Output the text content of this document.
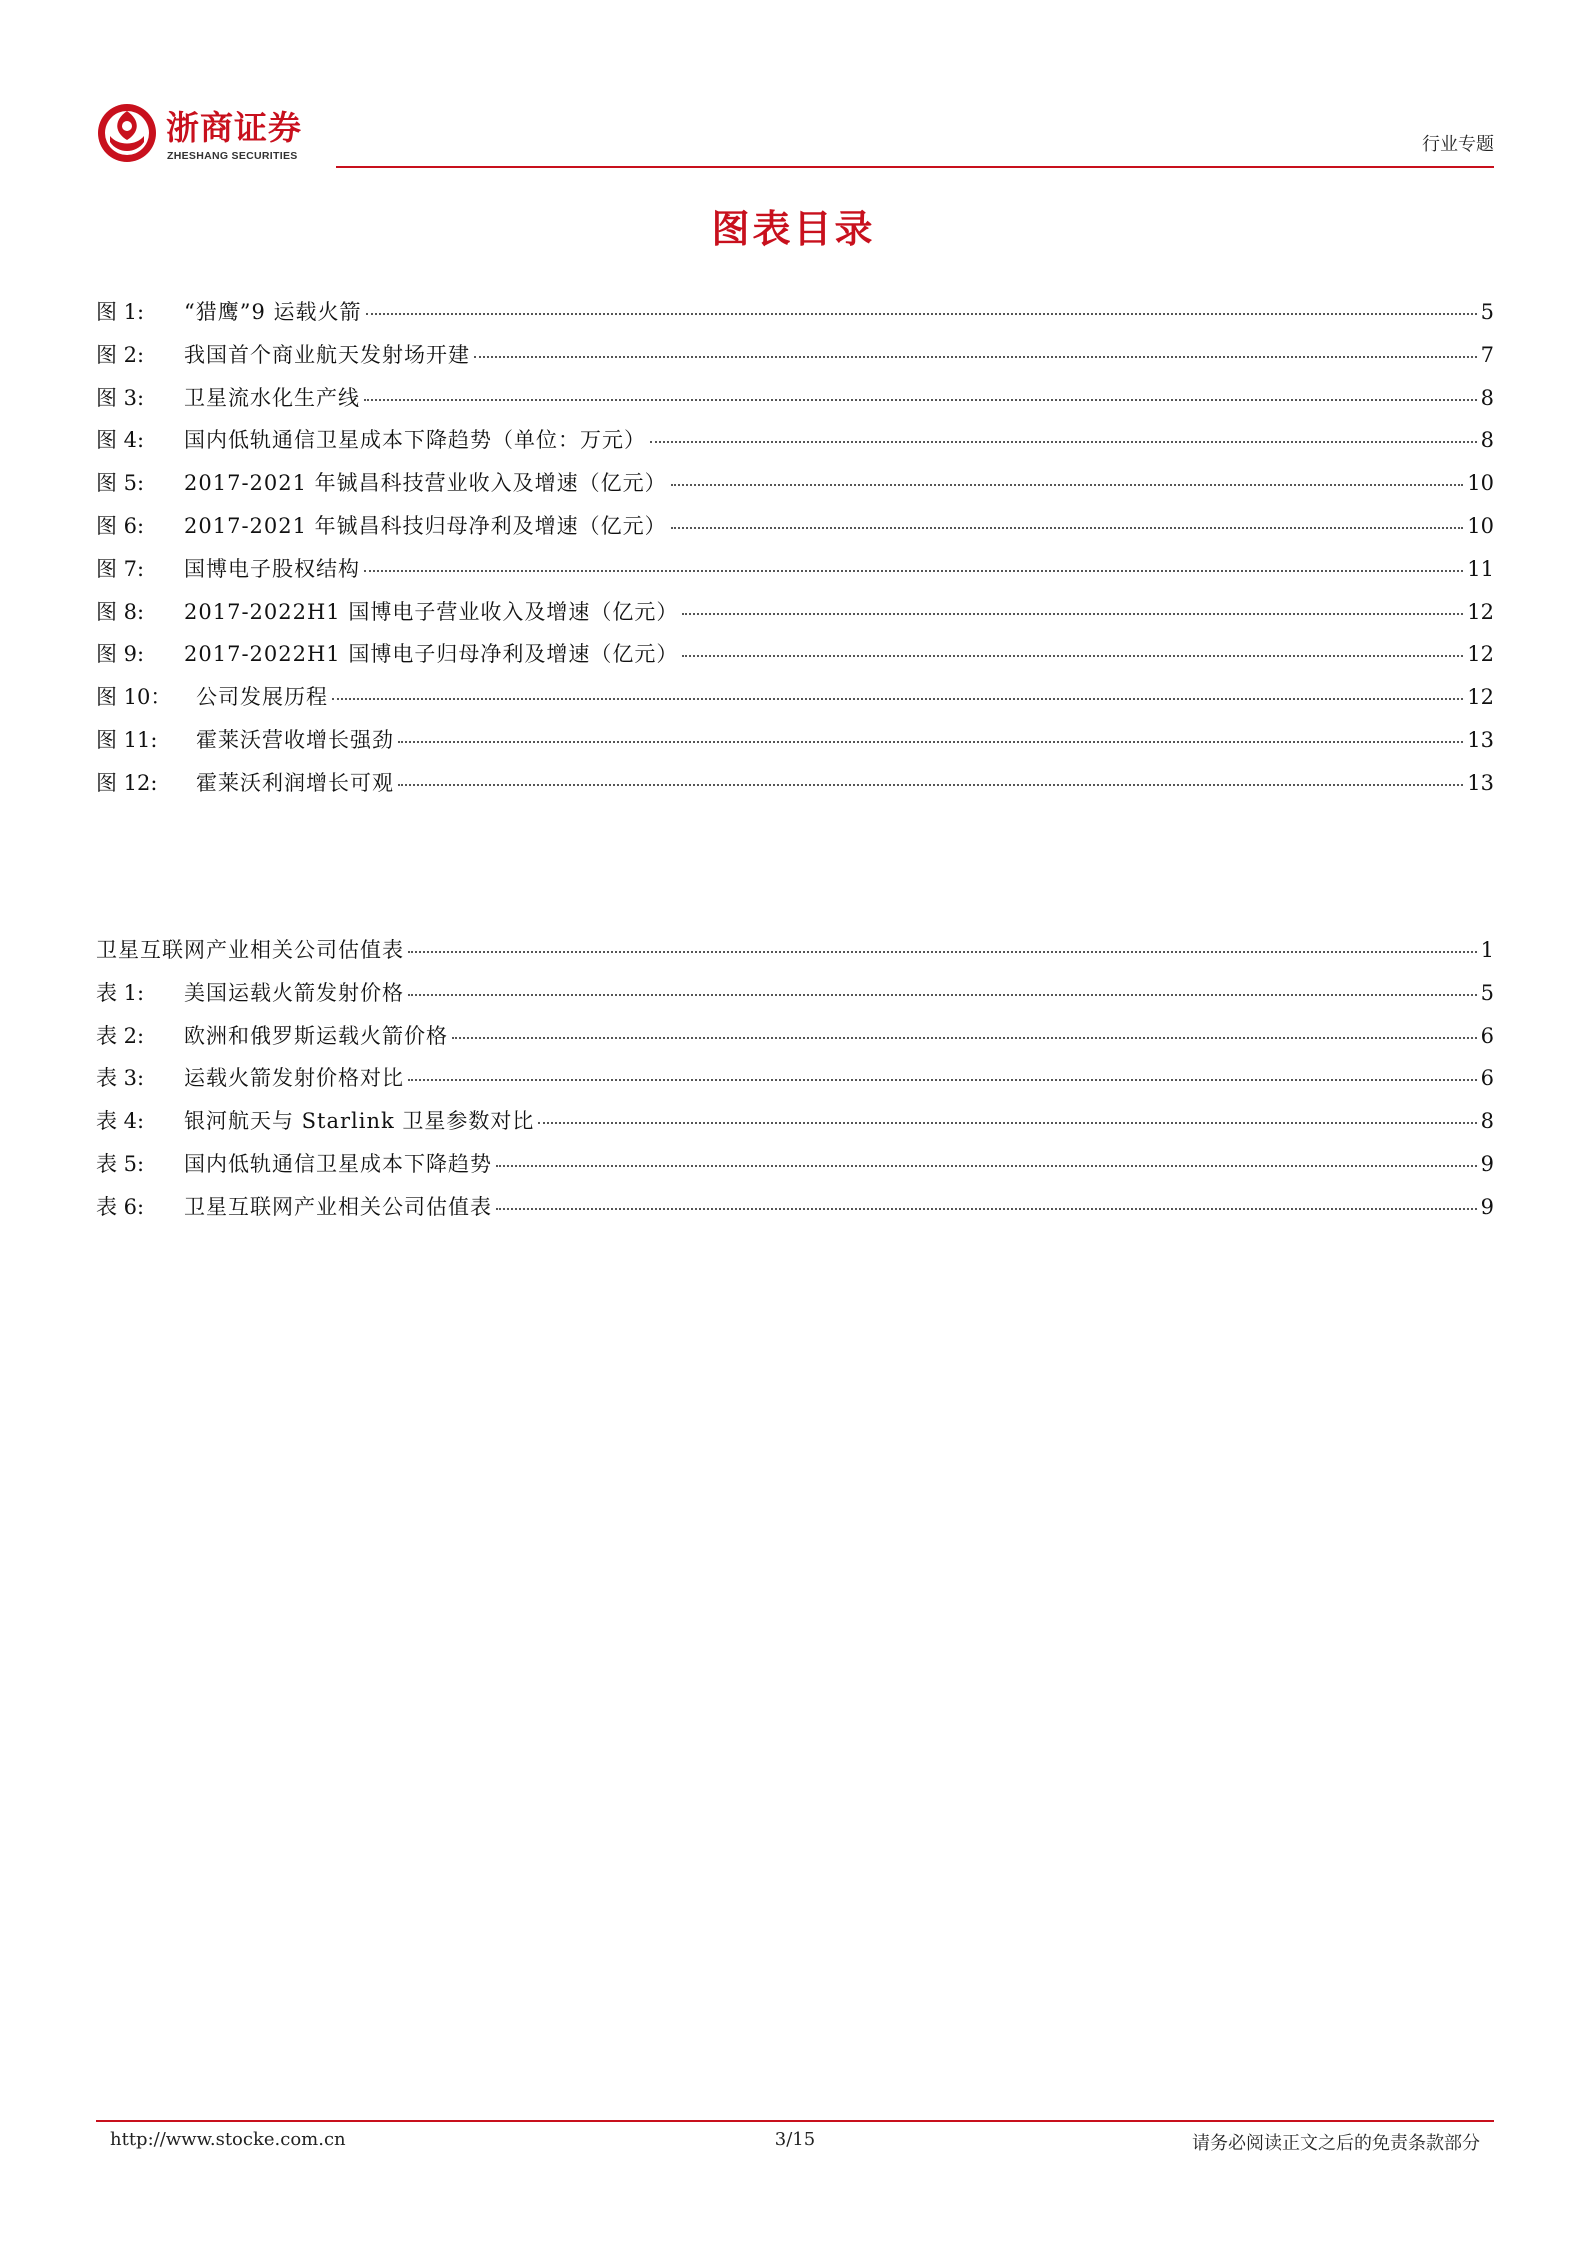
浙商证券
ZHESHANG SECURITIES
行业专题
图表目录
图 1: “猎鹰”9 运载火箭	5
图 2: 我国首个商业航天发射场开建	7
图 3: 卫星流水化生产线	8
图 4: 国内低轨通信卫星成本下降趋势（单位：万元）	8
图 5: 2017-2021 年铖昌科技营业收入及增速（亿元）	10
图 6: 2017-2021 年铖昌科技归母净利及增速（亿元）	10
图 7: 国博电子股权结构	11
图 8: 2017-2022H1 国博电子营业收入及增速（亿元）	12
图 9: 2017-2022H1 国博电子归母净利及增速（亿元）	12
图 10： 公司发展历程	12
图 11: 霍莱沃营收增长强劲	13
图 12: 霍莱沃利润增长可观	13
卫星互联网产业相关公司估值表	1
表 1: 美国运载火箭发射价格	5
表 2: 欧洲和俄罗斯运载火箭价格	6
表 3: 运载火箭发射价格对比	6
表 4: 银河航天与 Starlink 卫星参数对比	8
表 5: 国内低轨通信卫星成本下降趋势	9
表 6: 卫星互联网产业相关公司估值表	9
http://www.stocke.com.cn	3/15	请务必阅读正文之后的免责条款部分
